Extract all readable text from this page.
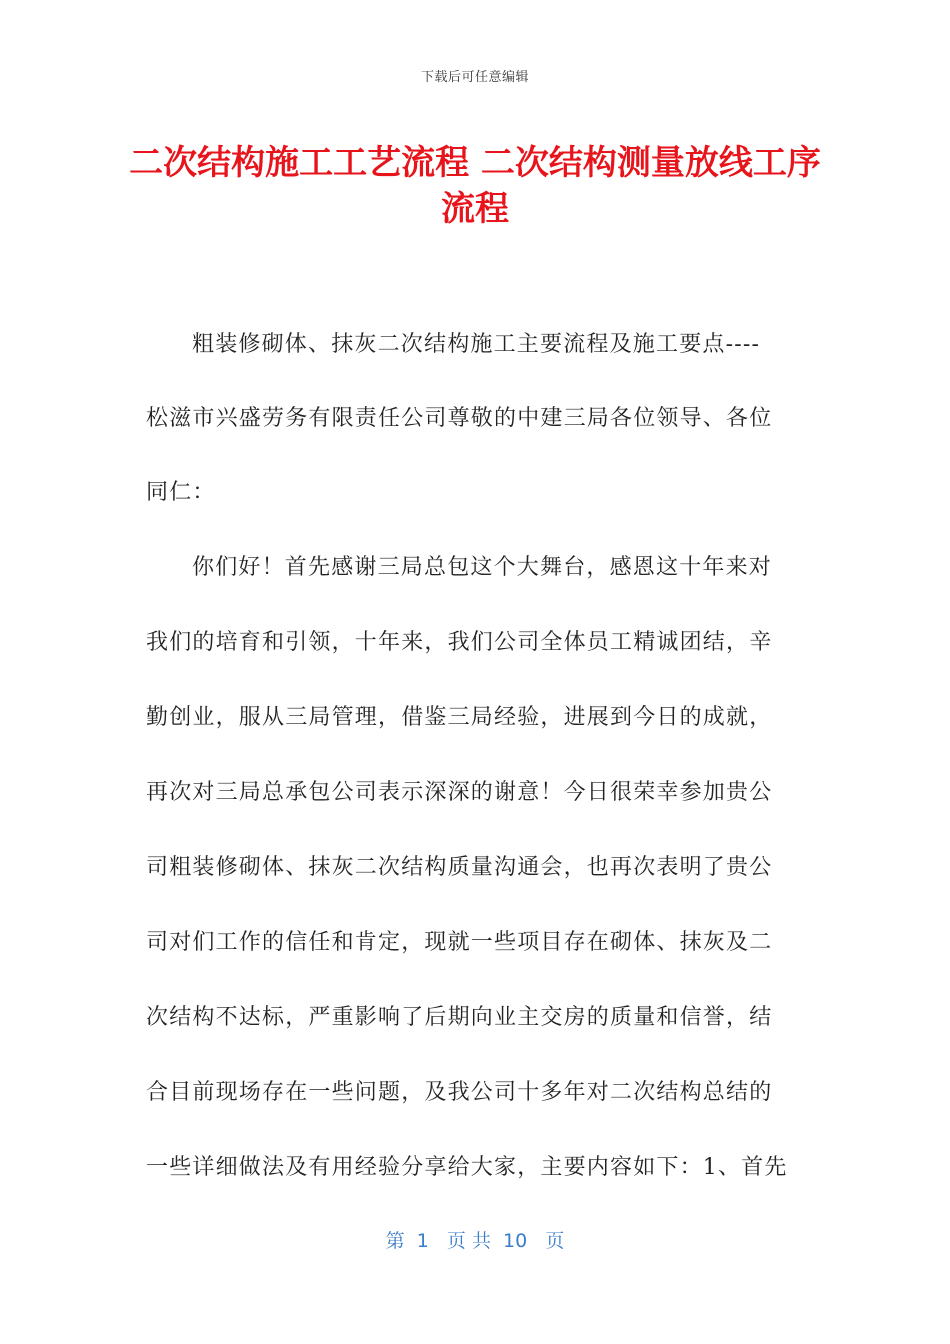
下载后可任意编辑
二次结构施工工艺流程 二次结构测量放线工序流程
粗装修砌体、抹灰二次结构施工主要流程及施工要点----
松滋市兴盛劳务有限责任公司尊敬的中建三局各位领导、各位
同仁：
你们好！首先感谢三局总包这个大舞台，感恩这十年来对
我们的培育和引领，十年来，我们公司全体员工精诚团结，辛
勤创业，服从三局管理，借鉴三局经验，进展到今日的成就，
再次对三局总承包公司表示深深的谢意！今日很荣幸参加贵公
司粗装修砌体、抹灰二次结构质量沟通会，也再次表明了贵公
司对们工作的信任和肯定，现就一些项目存在砌体、抹灰及二
次结构不达标，严重影响了后期向业主交房的质量和信誉，结
合目前现场存在一些问题，及我公司十多年对二次结构总结的
一些详细做法及有用经验分享给大家，主要内容如下：1、首先
第  1   页 共  10   页
